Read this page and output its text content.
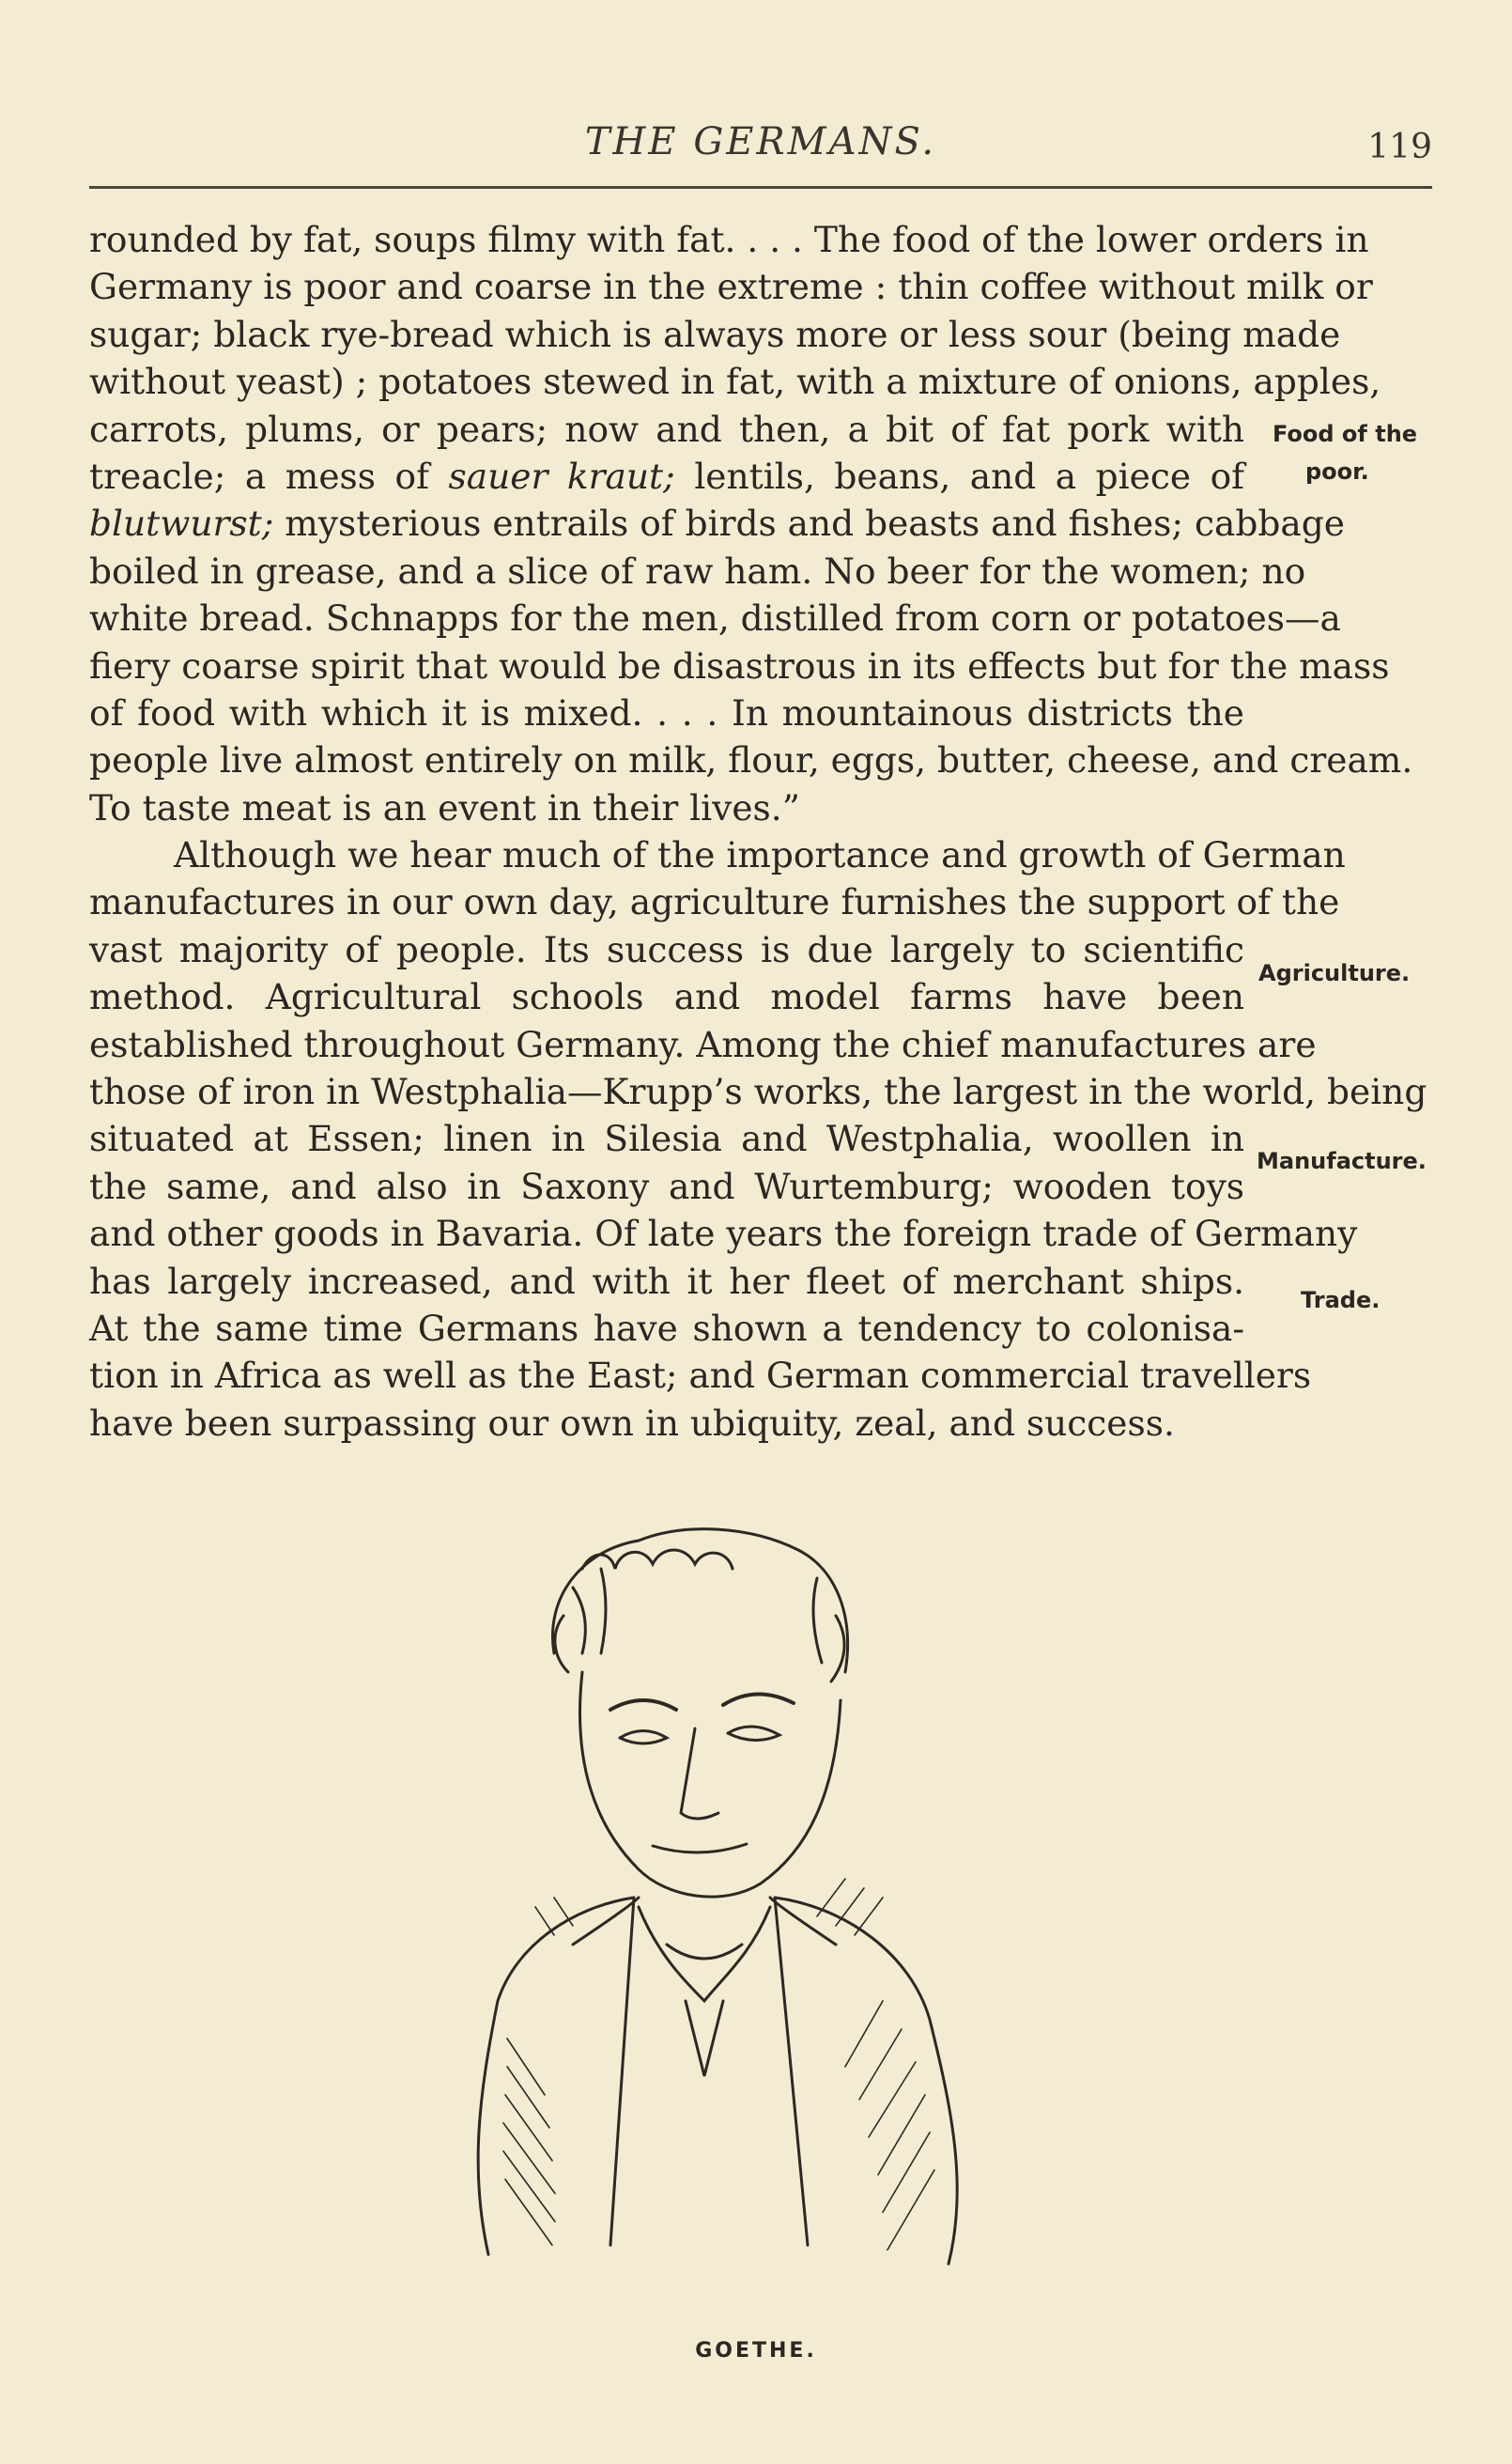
THE GERMANS.	119
rounded by fat, soups filmy with fat. . . . The food of the lower orders in
Germany is poor and coarse in the extreme : thin coffee without milk or
sugar; black rye-bread which is always more or less sour (being made
without yeast) ; potatoes stewed in fat, with a mixture of onions, apples,
carrots, plums, or pears; now and then, a bit of fat pork with
treacle; a mess of sauer kraut; lentils, beans, and a piece of
blutwurst; mysterious entrails of birds and beasts and fishes; cabbage
boiled in grease, and a slice of raw ham. No beer for the women; no
white bread. Schnapps for the men, distilled from corn or potatoes—a
fiery coarse spirit that would be disastrous in its effects but for the mass
of food with which it is mixed. . . . In mountainous districts the
people live almost entirely on milk, flour, eggs, butter, cheese, and cream.
To taste meat is an event in their lives.”
Although we hear much of the importance and growth of German
manufactures in our own day, agriculture furnishes the support of the
vast majority of people. Its success is due largely to scientific
method. Agricultural schools and model farms have been
established throughout Germany. Among the chief manufactures are
those of iron in Westphalia—Krupp’s works, the largest in the world, being
situated at Essen; linen in Silesia and Westphalia, woollen in
the same, and also in Saxony and Wurtemburg; wooden toys
and other goods in Bavaria. Of late years the foreign trade of Germany
has largely increased, and with it her fleet of merchant ships.
At the same time Germans have shown a tendency to colonisa-
tion in Africa as well as the East; and German commercial travellers
have been surpassing our own in ubiquity, zeal, and success.
Food of the
poor.
Agriculture.
Manufacture.
Trade.
GOETHE.
